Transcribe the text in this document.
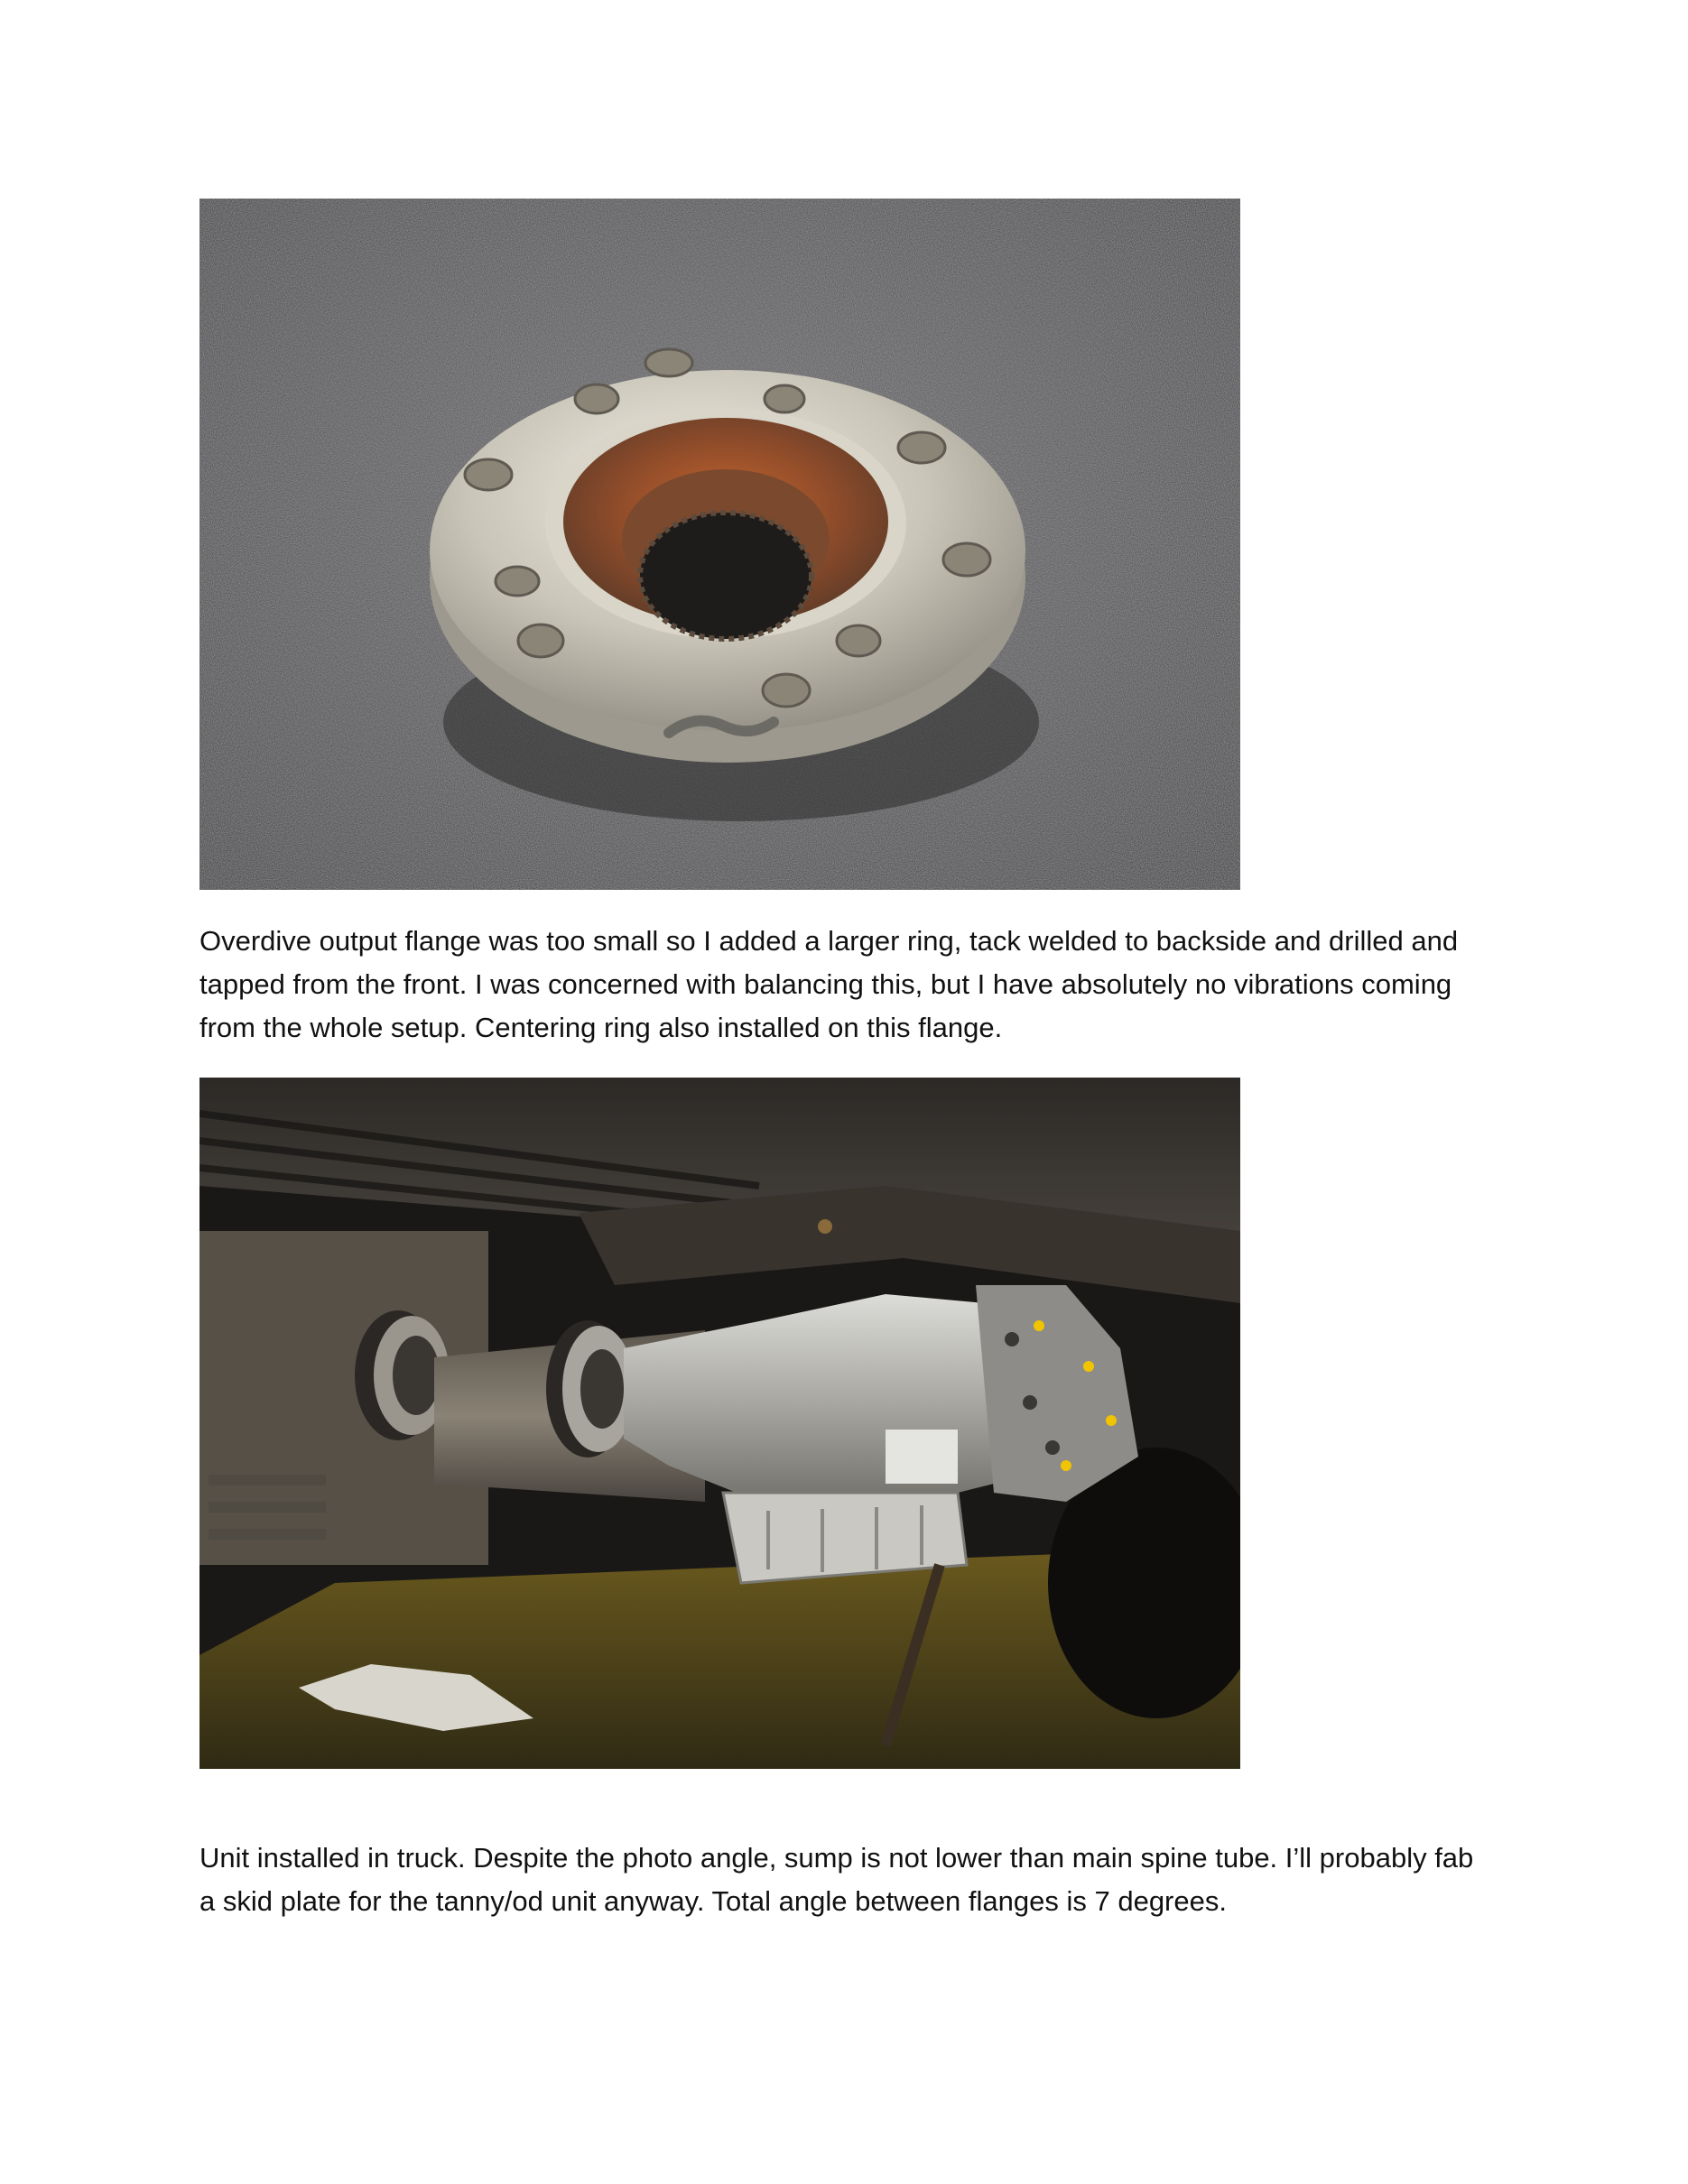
Overdive output flange was too small so I added a larger ring, tack welded to backside and drilled and
tapped from the front. I was concerned with balancing this, but I have absolutely no vibrations coming
from the whole setup. Centering ring also installed on this flange.

Unit installed in truck. Despite the photo angle, sump is not lower than main spine tube. I’ll probably fab
a skid plate for the tanny/od unit anyway. Total angle between flanges is 7 degrees.
